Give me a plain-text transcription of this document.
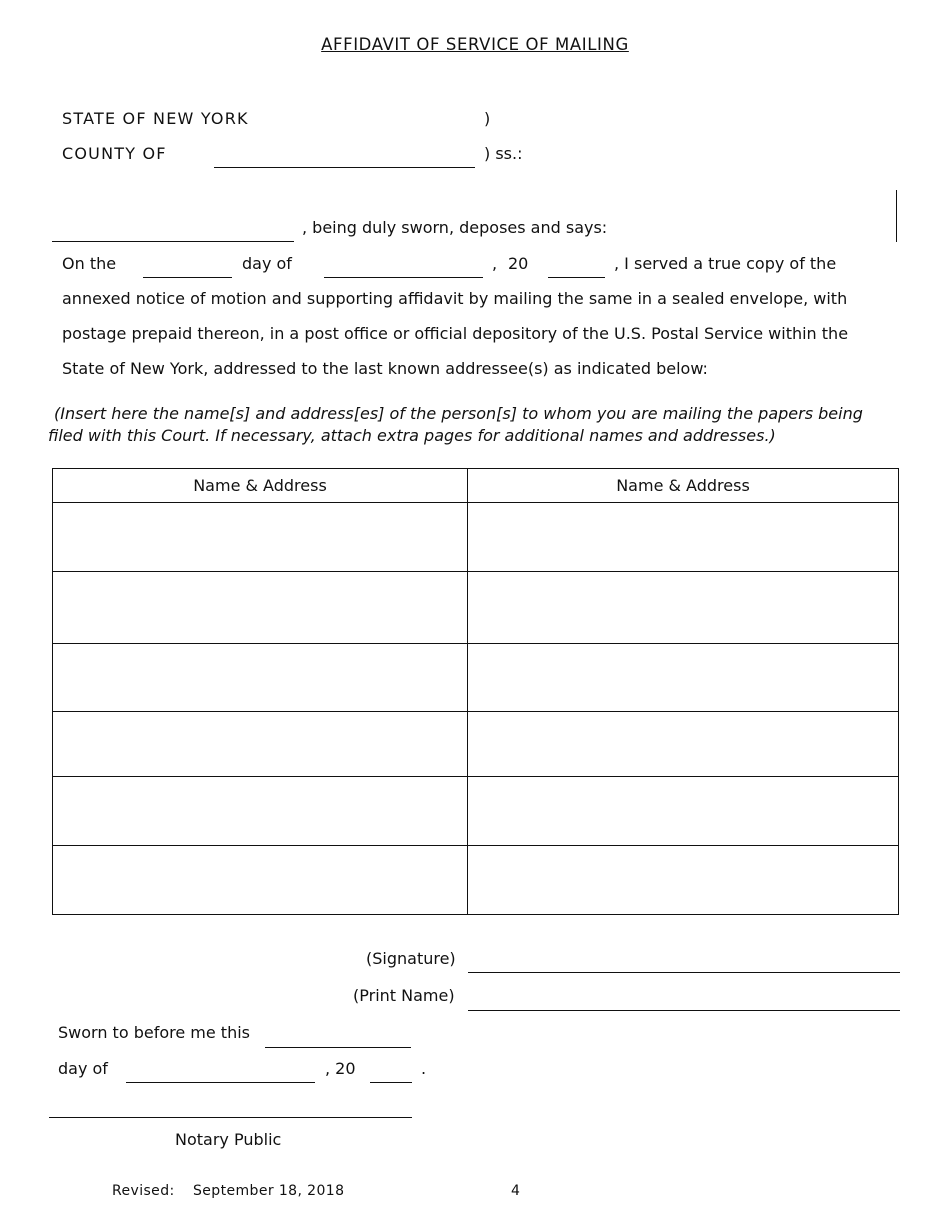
AFFIDAVIT OF SERVICE OF MAILING
STATE OF NEW YORK	)
COUNTY OF	) ss.:
, being duly sworn, deposes and says:
On the	day of	, 20	, I served a true copy of the
annexed notice of motion and supporting affidavit by mailing the same in a sealed envelope, with
postage prepaid thereon, in a post office or official depository of the U.S. Postal Service within the
State of New York, addressed to the last known addressee(s) as indicated below:
(Insert here the name[s] and address[es] of the person[s] to whom you are mailing the papers being
filed with this Court. If necessary, attach extra pages for additional names and addresses.)
Name & Address	Name & Address

(Signature)
(Print Name)
Sworn to before me this
day of	, 20	.
Notary Public
Revised: September 18, 2018	4
